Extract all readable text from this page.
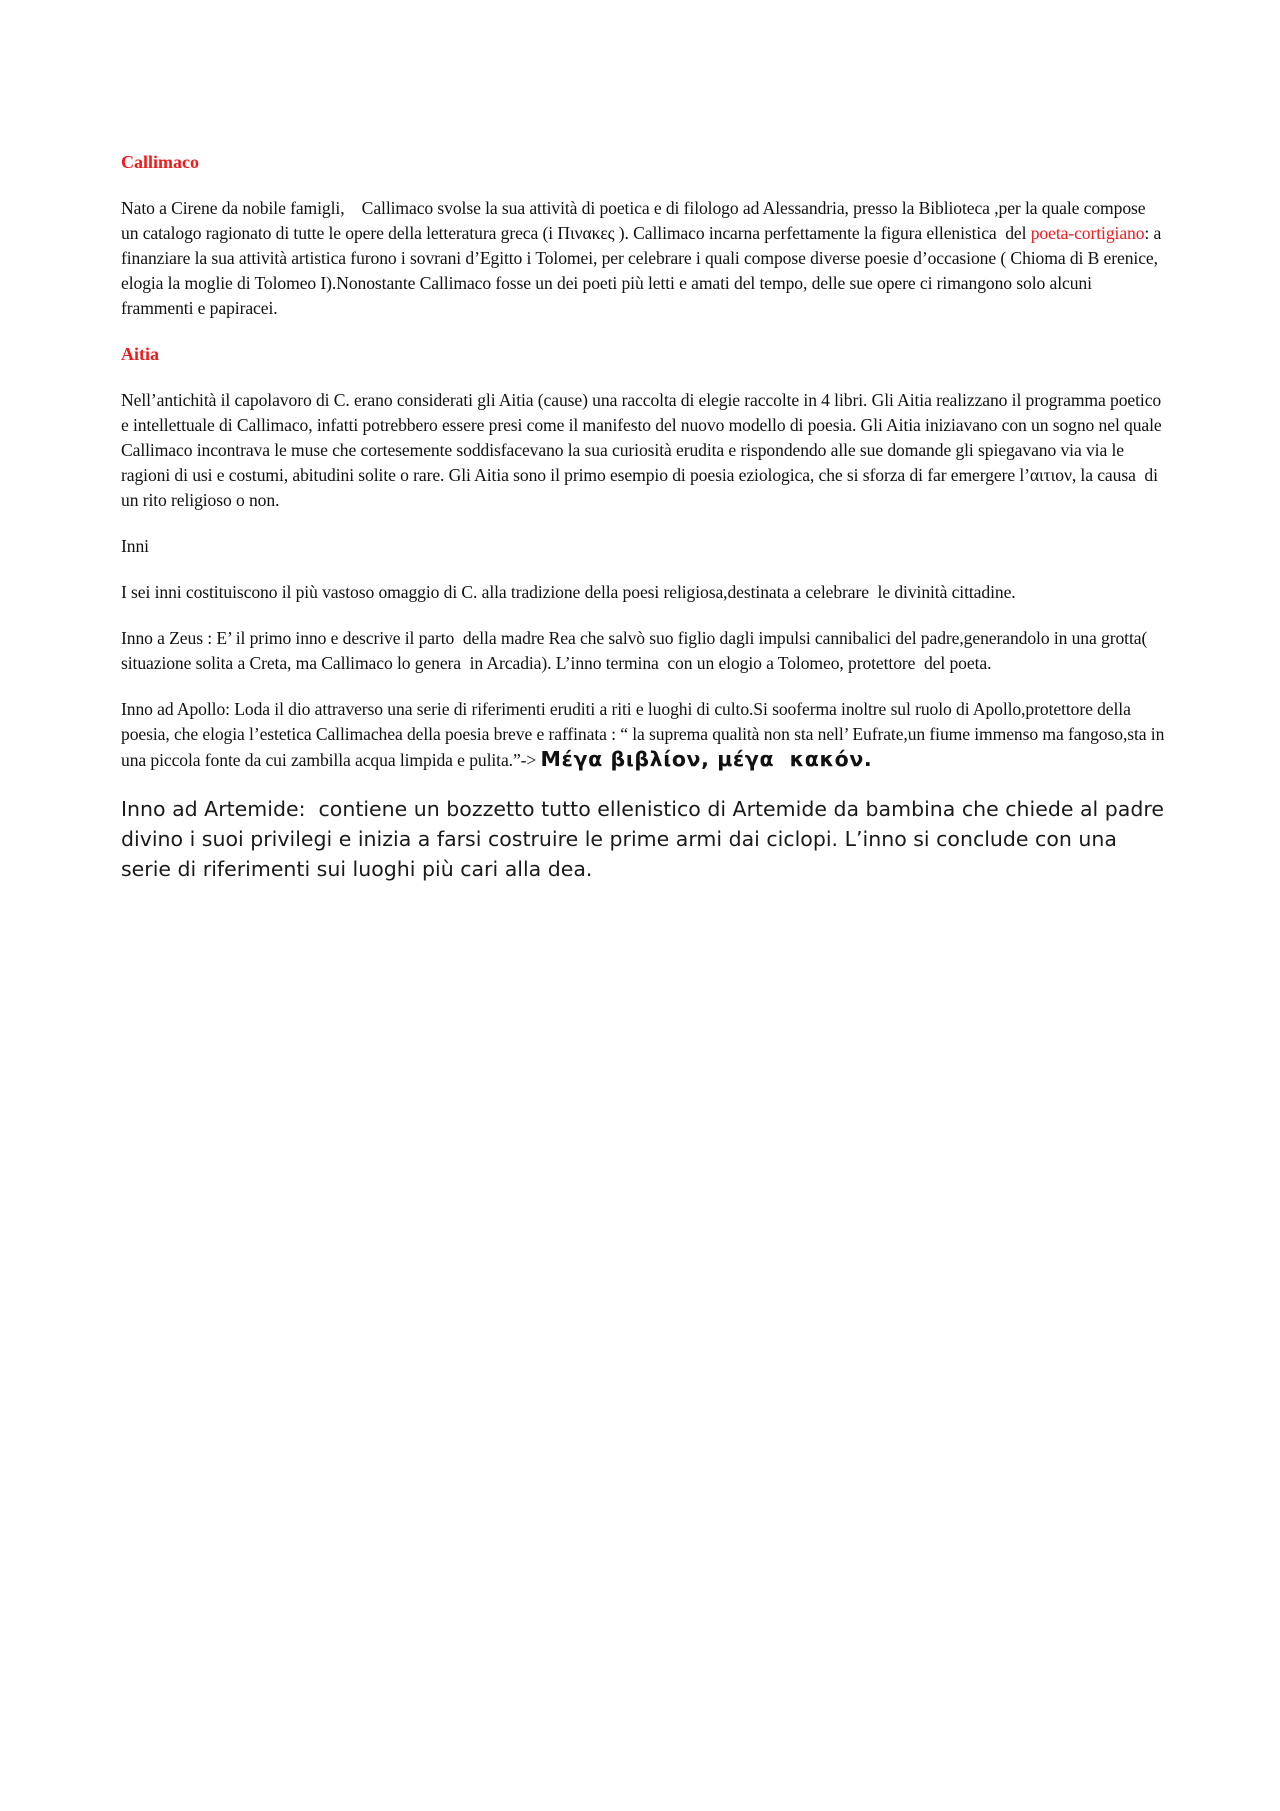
Callimaco
Nato a Cirene da nobile famigli,    Callimaco svolse la sua attività di poetica e di filologo ad Alessandria, presso la Biblioteca ,per la quale compose un catalogo ragionato di tutte le opere della letteratura greca (i Πινακες ). Callimaco incarna perfettamente la figura ellenistica  del poeta-cortigiano: a finanziare la sua attività artistica furono i sovrani d’Egitto i Tolomei, per celebrare i quali compose diverse poesie d’occasione ( Chioma di B erenice, elogia la moglie di Tolomeo I).Nonostante Callimaco fosse un dei poeti più letti e amati del tempo, delle sue opere ci rimangono solo alcuni frammenti e papiracei.
Aitia
Nell’antichità il capolavoro di C. erano considerati gli Aitia (cause) una raccolta di elegie raccolte in 4 libri. Gli Aitia realizzano il programma poetico e intellettuale di Callimaco, infatti potrebbero essere presi come il manifesto del nuovo modello di poesia. Gli Aitia iniziavano con un sogno nel quale Callimaco incontrava le muse che cortesemente soddisfacevano la sua curiosità erudita e rispondendo alle sue domande gli spiegavano via via le ragioni di usi e costumi, abitudini solite o rare. Gli Aitia sono il primo esempio di poesia eziologica, che si sforza di far emergere l’αιτιον, la causa  di un rito religioso o non.
Inni
I sei inni costituiscono il più vastoso omaggio di C. alla tradizione della poesi religiosa,destinata a celebrare  le divinità cittadine.
Inno a Zeus : E’ il primo inno e descrive il parto  della madre Rea che salvò suo figlio dagli impulsi cannibalici del padre,generandolo in una grotta( situazione solita a Creta, ma Callimaco lo genera  in Arcadia). L’inno termina  con un elogio a Tolomeo, protettore  del poeta.
Inno ad Apollo: Loda il dio attraverso una serie di riferimenti eruditi a riti e luoghi di culto.Si sooferma inoltre sul ruolo di Apollo,protettore della poesia, che elogia l’estetica Callimachea della poesia breve e raffinata : “ la suprema qualità non sta nell’ Eufrate,un fiume immenso ma fangoso,sta in una piccola fonte da cui zambilla acqua limpida e pulita.”-> Μέγα βιβλίον, μέγα  κακόν.
Inno ad Artemide:  contiene un bozzetto tutto ellenistico di Artemide da bambina che chiede al padre divino i suoi privilegi e inizia a farsi costruire le prime armi dai ciclopi. L’inno si conclude con una serie di riferimenti sui luoghi più cari alla dea.
